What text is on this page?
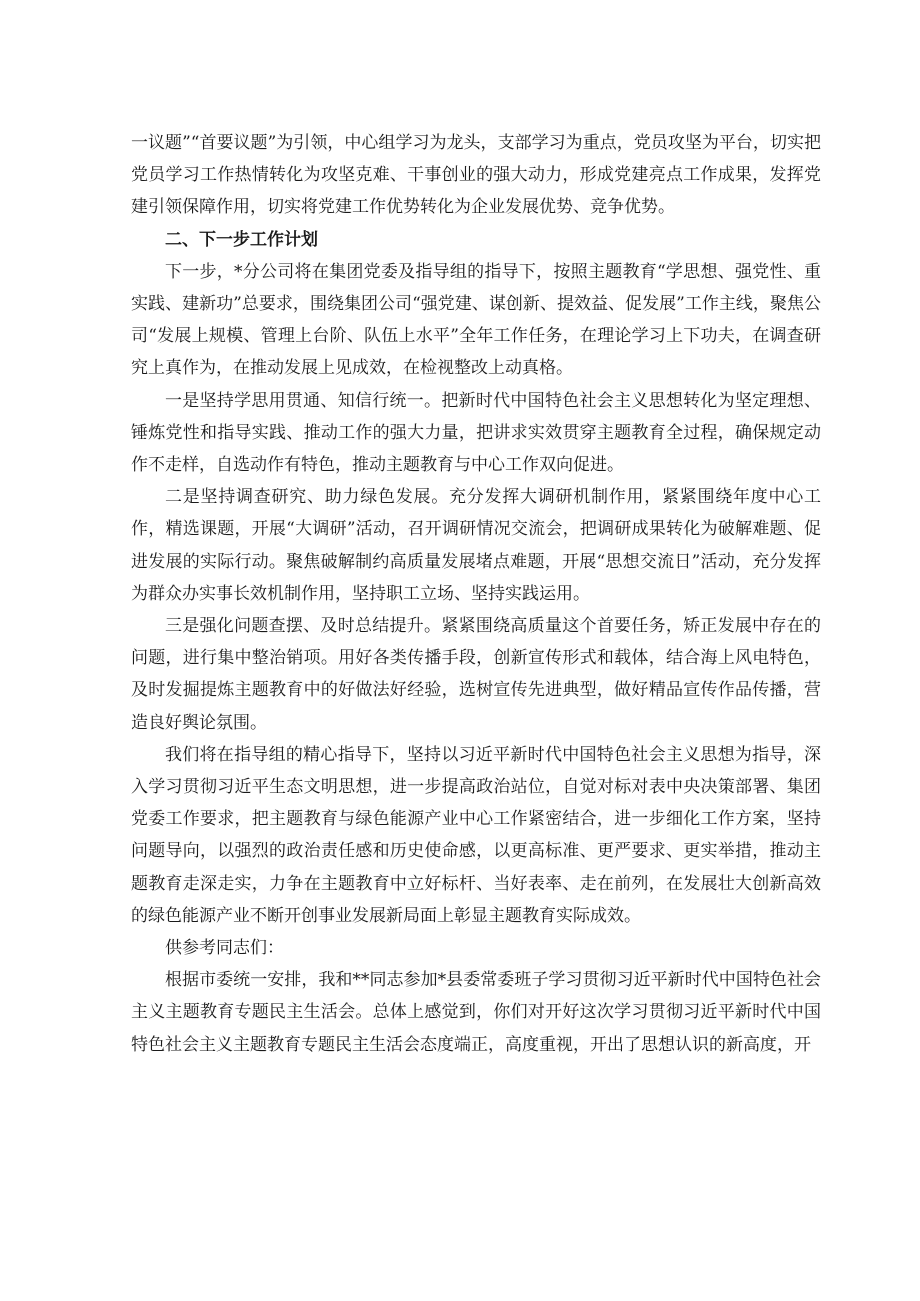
一议题”“首要议题”为引领，中心组学习为龙头，支部学习为重点，党员攻坚为平台，切实把党员学习工作热情转化为攻坚克难、干事创业的强大动力，形成党建亮点工作成果，发挥党建引领保障作用，切实将党建工作优势转化为企业发展优势、竞争优势。

二、下一步工作计划

下一步，*分公司将在集团党委及指导组的指导下，按照主题教育“学思想、强党性、重实践、建新功”总要求，围绕集团公司“强党建、谋创新、提效益、促发展”工作主线，聚焦公司“发展上规模、管理上台阶、队伍上水平”全年工作任务，在理论学习上下功夫，在调查研究上真作为，在推动发展上见成效，在检视整改上动真格。

一是坚持学思用贯通、知信行统一。把新时代中国特色社会主义思想转化为坚定理想、锤炼党性和指导实践、推动工作的强大力量，把讲求实效贯穿主题教育全过程，确保规定动作不走样，自选动作有特色，推动主题教育与中心工作双向促进。

二是坚持调查研究、助力绿色发展。充分发挥大调研机制作用，紧紧围绕年度中心工作，精选课题，开展“大调研”活动，召开调研情况交流会，把调研成果转化为破解难题、促进发展的实际行动。聚焦破解制约高质量发展堵点难题，开展“思想交流日”活动，充分发挥为群众办实事长效机制作用，坚持职工立场、坚持实践运用。

三是强化问题查摆、及时总结提升。紧紧围绕高质量这个首要任务，矫正发展中存在的问题，进行集中整治销项。用好各类传播手段，创新宣传形式和载体，结合海上风电特色，及时发掘提炼主题教育中的好做法好经验，选树宣传先进典型，做好精品宣传作品传播，营造良好舆论氛围。

我们将在指导组的精心指导下，坚持以习近平新时代中国特色社会主义思想为指导，深入学习贯彻习近平生态文明思想，进一步提高政治站位，自觉对标对表中央决策部署、集团党委工作要求，把主题教育与绿色能源产业中心工作紧密结合，进一步细化工作方案，坚持问题导向，以强烈的政治责任感和历史使命感，以更高标准、更严要求、更实举措，推动主题教育走深走实，力争在主题教育中立好标杆、当好表率、走在前列，在发展壮大创新高效的绿色能源产业不断开创事业发展新局面上彰显主题教育实际成效。

供参考同志们：

根据市委统一安排，我和**同志参加*县委常委班子学习贯彻习近平新时代中国特色社会主义主题教育专题民主生活会。总体上感觉到，你们对开好这次学习贯彻习近平新时代中国特色社会主义主题教育专题民主生活会态度端正，高度重视，开出了思想认识的新高度，开
